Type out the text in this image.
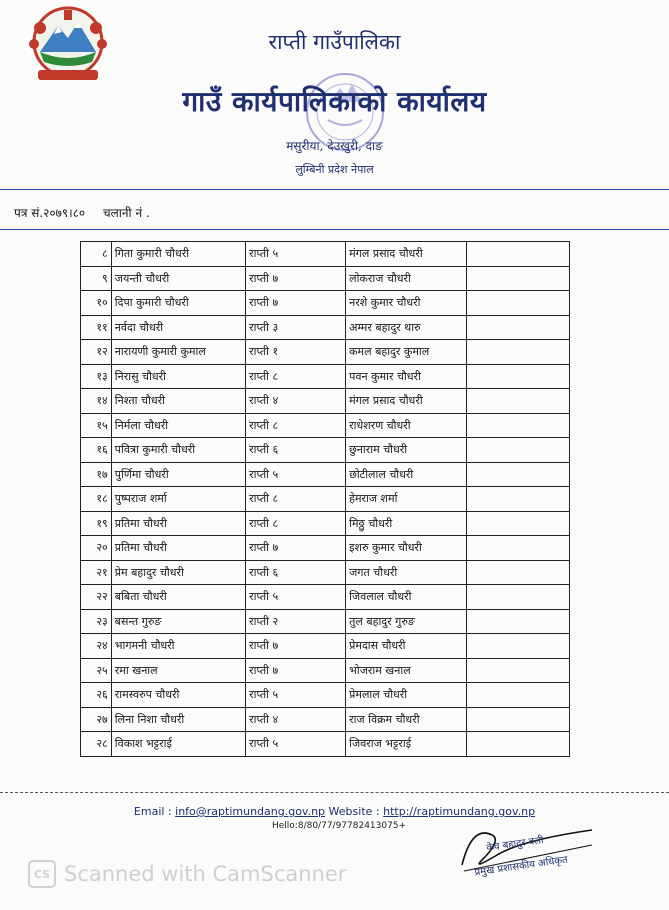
राप्ती गाउँपालिका
गाउँ कार्यपालिकाको कार्यालय
मसुरीया, देउखुरी, दाङ
लुम्बिनी प्रदेश नेपाल
पत्र सं.२०७९।८० चलानी नं .
८	गिता कुमारी चौधरी	राप्ती ५	मंगल प्रसाद चौधरी	
९	जयन्ती चौधरी	राप्ती ७	लोकराज चौधरी	
१०	दिपा कुमारी चौधरी	राप्ती ७	नरशे कुमार चौधरी	
११	नर्वदा चौधरी	राप्ती ३	अम्मर बहादुर थारु	
१२	नारायणी कुमारी कुमाल	राप्ती १	कमल बहादुर कुमाल	
१३	निरासु चौधरी	राप्ती ८	पवन कुमार चौधरी	
१४	निश्ता चौधरी	राप्ती ४	मंगल प्रसाद चौधरी	
१५	निर्मला चौधरी	राप्ती ८	राधेशरण चौधरी	
१६	पवित्रा कुमारी चौधरी	राप्ती ६	छुनाराम चौधरी	
१७	पुर्णिमा चौधरी	राप्ती ५	छोटीलाल चौधरी	
१८	पुष्पराज शर्मा	राप्ती ८	हेमराज शर्मा	
१९	प्रतिमा चौधरी	राप्ती ८	मिठ्ठु चौधरी	
२०	प्रतिमा चौधरी	राप्ती ७	इशरु कुमार चौधरी	
२१	प्रेम बहादुर चौधरी	राप्ती ६	जगत चौधरी	
२२	बबिता चौधरी	राप्ती ५	जिवलाल चौधरी	
२३	बसन्त गुरुङ	राप्ती २	तुल बहादुर गुरुङ	
२४	भागमनी चौधरी	राप्ती ७	प्रेमदास चौधरी	
२५	रमा खनाल	राप्ती ७	भोजराम खनाल	
२६	रामस्वरुप चौधरी	राप्ती ५	प्रेमलाल चौधरी	
२७	लिना निशा चौधरी	राप्ती ४	राज विक्रम चौधरी	
२८	विकाश भट्टराई	राप्ती ५	जिवराज भट्टराई	
Email : info@raptimundang.gov.np Website : http://raptimundang.gov.np
Hello:8/80/77/97782413075+
केव बहादुर वली
प्रमुख प्रशासकीय अधिकृत
CS Scanned with CamScanner
